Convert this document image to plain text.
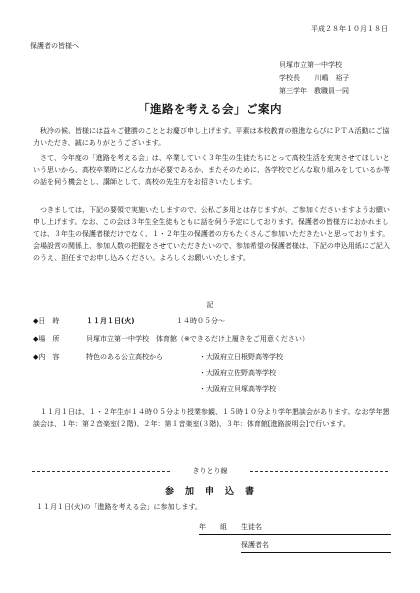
平成２８年１０月１８日
保護者の皆様へ
貝塚市立第一中学校
学校長 川嶋　裕子
第三学年　教職員一同
「進路を考える会」ご案内
秋冷の候、皆様には益々ご健勝のこととお慶び申し上げます。平素は本校教育の推進ならびにＰＴＡ活動にご協力いただき、誠にありがとうございます。
さて、今年度の「進路を考える会」は、卒業していく３年生の生徒たちにとって高校生活を充実させてほしいという思いから、高校卒業時にどんな力が必要であるか、またそのために、各学校でどんな取り組みをしているか等の話を伺う機会とし、講師として、高校の先生方をお招きいたします。
つきましては、下記の要領で実施いたしますので、公私ご多用とは存じますが、ご参加くださいますようお願い申し上げます。なお、この会は３年生全生徒もともに話を伺う予定にしております。保護者の皆様方におかれましては、３年生の保護者様だけでなく、１・２年生の保護者の方もたくさんご参加いただきたいと思っております。会場設営の関係上、参加人数の把握をさせていただきたいので、参加希望の保護者様は、下記の申込用紙にご記入のうえ、担任までお申し込みください。よろしくお願いいたします。
記
◆日　時	１１月１日(火)	１４時０５分～
◆場　所	貝塚市立第一中学校　体育館（※できるだけ上履きをご用意ください）
◆内　容	特色のある公立高校から	・大阪府立日根野高等学校
・大阪府立佐野高等学校
・大阪府立貝塚高等学校
１１月１日は、１・２年生が１４時０５分より授業参観、１５時１０分より学年懇談会があります。なお学年懇談会は、１年：第２音楽室(２階)、２年：第１音楽室(３階)、３年：体育館[進路説明会]で行います。
きりとり線
参　加　申　込　書
１１月１日(火)の「進路を考える会」に参加します。
年　　組　　生徒名
保護者名
